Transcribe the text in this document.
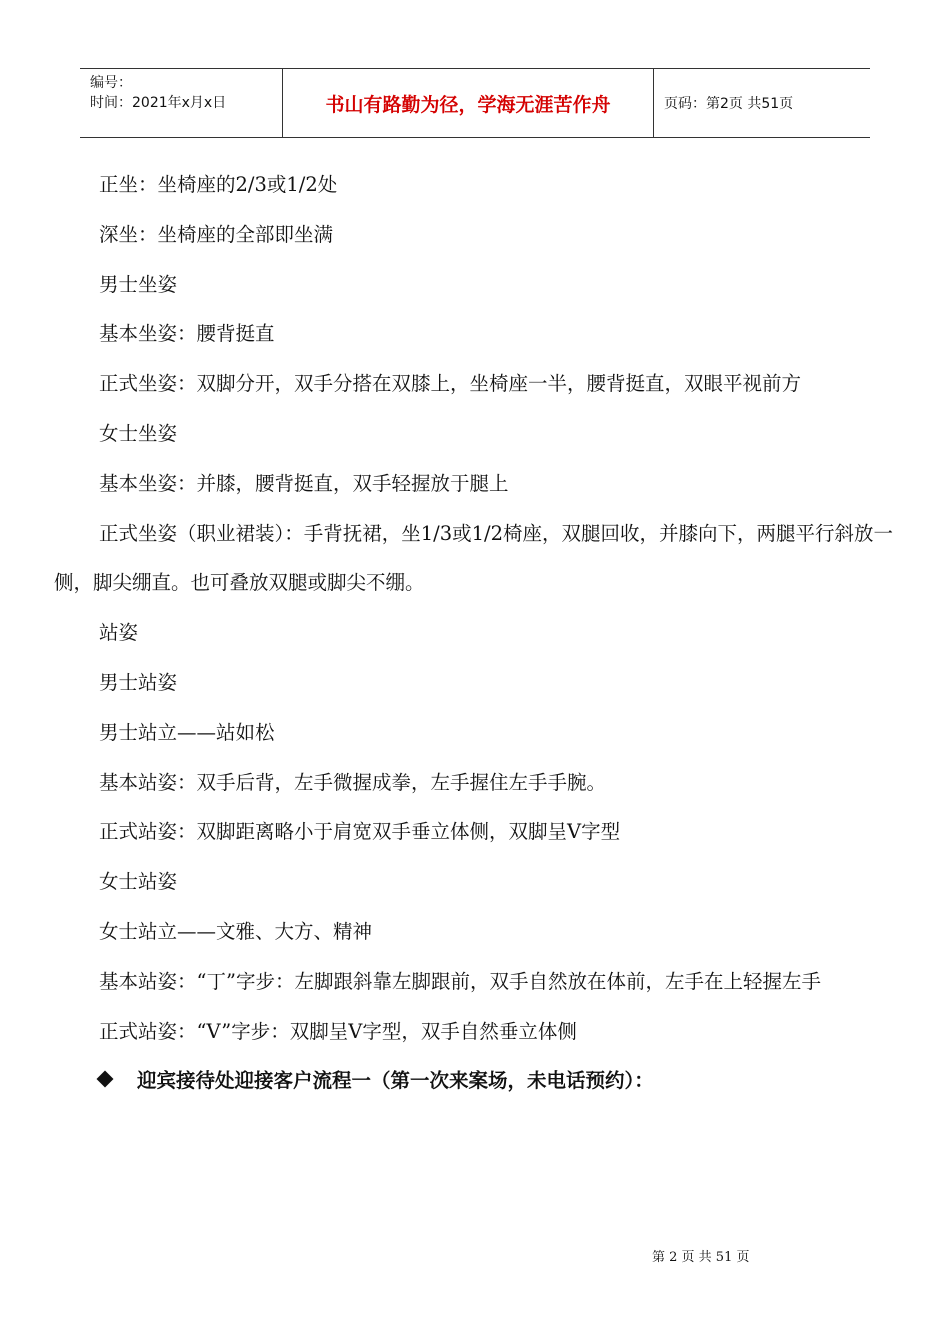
编号：
时间：2021年x月x日	书山有路勤为径，学海无涯苦作舟	页码：第2页 共51页

正坐：坐椅座的2/3或1/2处

深坐：坐椅座的全部即坐满

男士坐姿

基本坐姿：腰背挺直

正式坐姿：双脚分开，双手分搭在双膝上，坐椅座一半，腰背挺直，双眼平视前方

女士坐姿

基本坐姿：并膝，腰背挺直，双手轻握放于腿上

正式坐姿（职业裙装）：手背抚裙，坐1/3或1/2椅座，双腿回收，并膝向下，两腿平行斜放一侧，脚尖绷直。也可叠放双腿或脚尖不绷。

站姿

男士站姿

男士站立——站如松

基本站姿：双手后背，左手微握成拳，左手握住左手手腕。

正式站姿：双脚距离略小于肩宽双手垂立体侧，双脚呈V字型

女士站姿

女士站立——文雅、大方、精神

基本站姿：“丁”字步：左脚跟斜靠左脚跟前，双手自然放在体前，左手在上轻握左手

正式站姿：“V”字步：双脚呈V字型，双手自然垂立体侧

迎宾接待处迎接客户流程一（第一次来案场，未电话预约）：

第 2 页 共 51 页
